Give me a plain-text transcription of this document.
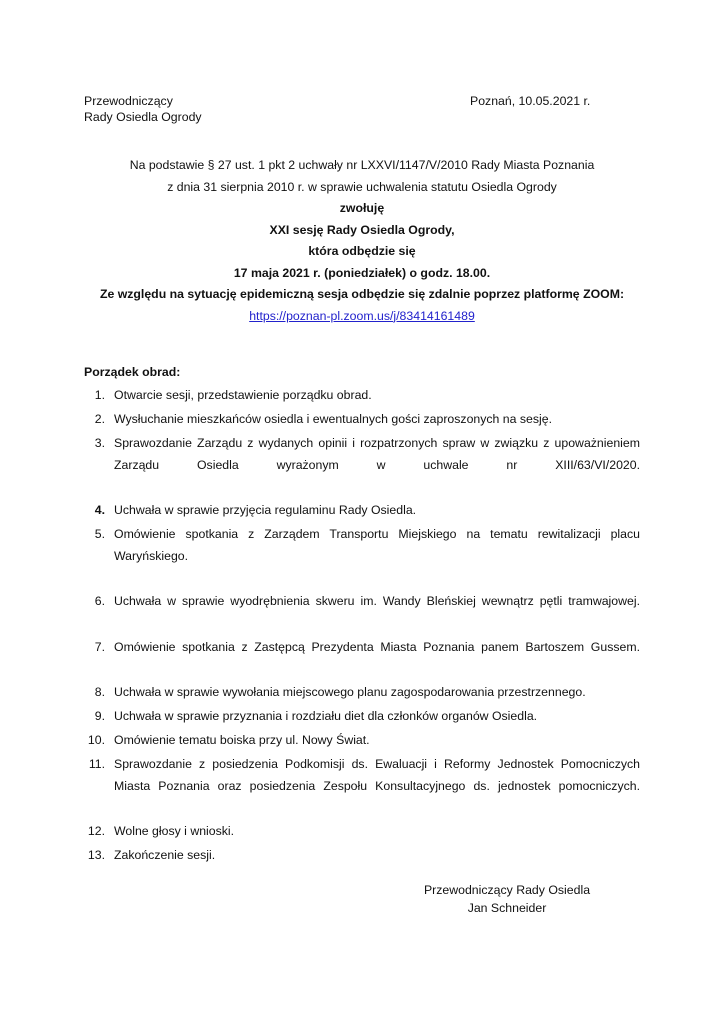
Przewodniczący
Rady Osiedla Ogrody
Poznań, 10.05.2021 r.
Na podstawie § 27 ust. 1 pkt 2 uchwały nr LXXVI/1147/V/2010 Rady Miasta Poznania
z dnia 31 sierpnia 2010 r. w sprawie uchwalenia statutu Osiedla Ogrody
zwołuję
XXI sesję Rady Osiedla Ogrody,
która odbędzie się
17 maja 2021 r. (poniedziałek) o godz. 18.00.
Ze względu na sytuację epidemiczną sesja odbędzie się zdalnie poprzez platformę ZOOM:
https://poznan-pl.zoom.us/j/83414161489
Porządek obrad:
1. Otwarcie sesji, przedstawienie porządku obrad.
2. Wysłuchanie mieszkańców osiedla i ewentualnych gości zaproszonych na sesję.
3. Sprawozdanie Zarządu z wydanych opinii i rozpatrzonych spraw w związku z upoważnieniem Zarządu Osiedla wyrażonym w uchwale nr XIII/63/VI/2020.
4. Uchwała w sprawie przyjęcia regulaminu Rady Osiedla.
5. Omówienie spotkania z Zarządem Transportu Miejskiego na tematu rewitalizacji placu Waryńskiego.
6. Uchwała w sprawie wyodrębnienia skweru im. Wandy Bleńskiej wewnątrz pętli tramwajowej.
7. Omówienie spotkania z Zastępcą Prezydenta Miasta Poznania panem Bartoszem Gussem.
8. Uchwała w sprawie wywołania miejscowego planu zagospodarowania przestrzennego.
9. Uchwała w sprawie przyznania i rozdziału diet dla członków organów Osiedla.
10. Omówienie tematu boiska przy ul. Nowy Świat.
11. Sprawozdanie z posiedzenia Podkomisji ds. Ewaluacji i Reformy Jednostek Pomocniczych Miasta Poznania oraz posiedzenia Zespołu Konsultacyjnego ds. jednostek pomocniczych.
12. Wolne głosy i wnioski.
13. Zakończenie sesji.
Przewodniczący Rady Osiedla
Jan Schneider
